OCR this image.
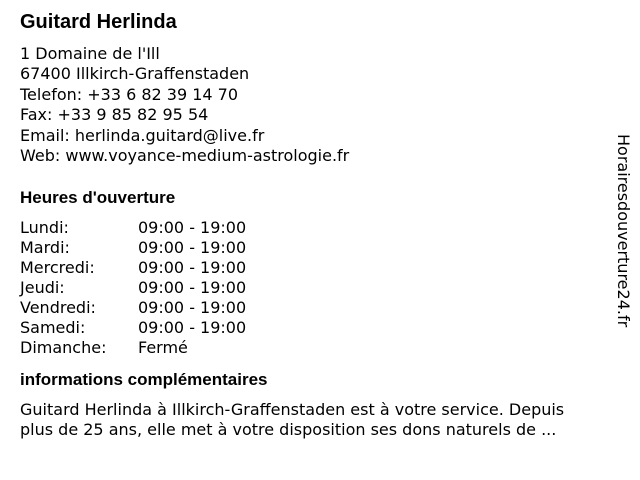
Guitard Herlinda
1 Domaine de l'Ill
67400 Illkirch-Graffenstaden
Telefon: +33 6 82 39 14 70
Fax: +33 9 85 82 95 54
Email: herlinda.guitard@live.fr
Web: www.voyance-medium-astrologie.fr
Heures d'ouverture
Lundi:	09:00 - 19:00
Mardi:	09:00 - 19:00
Mercredi:	09:00 - 19:00
Jeudi:	09:00 - 19:00
Vendredi:	09:00 - 19:00
Samedi:	09:00 - 19:00
Dimanche:	Fermé
informations complémentaires
Guitard Herlinda à Illkirch-Graffenstaden est à votre service. Depuis plus de 25 ans, elle met à votre disposition ses dons naturels de ...
Horairesdouverture24.fr
